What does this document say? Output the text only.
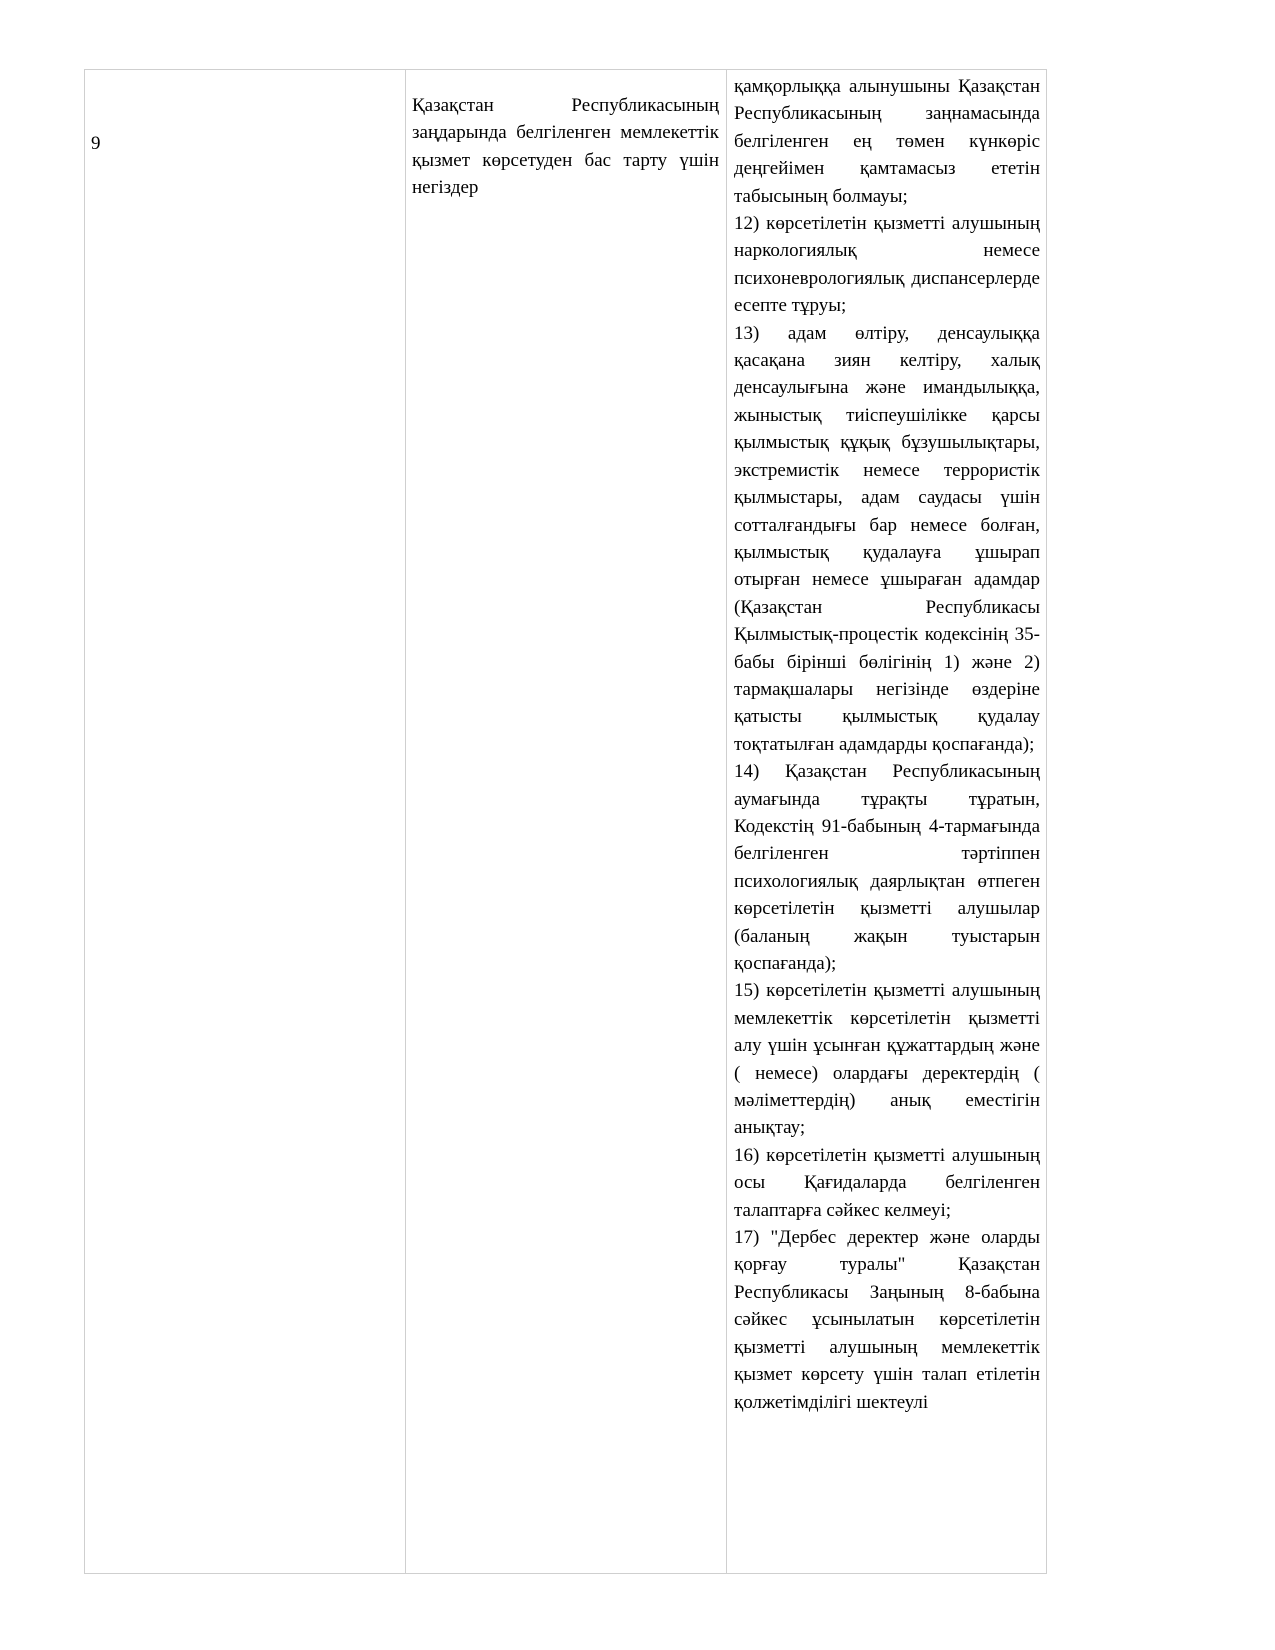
9

Қазақстан Республикасының заңдарында белгіленген мемлекеттік қызмет көрсетуден бас тарту үшін негіздер

қамқорлыққа алынушыны Қазақстан Республикасының заңнамасында белгіленген ең төмен күнкөріс деңгейімен қамтамасыз ететін табысының болмауы;

12) көрсетілетін қызметті алушының наркологиялық немесе психоневрологиялық диспансерлерде есепте тұруы;

13) адам өлтіру, денсаулыққа қасақана зиян келтіру, халық денсаулығына және имандылыққа, жыныстық тиіспеушілікке қарсы қылмыстық құқық бұзушылықтары, экстремистік немесе террористік қылмыстары, адам саудасы үшін сотталғандығы бар немесе болған, қылмыстық қудалауға ұшырап отырған немесе ұшыраған адамдар (Қазақстан Республикасы Қылмыстық-процестік кодексінің 35-бабы бірінші бөлігінің 1) және 2) тармақшалары негізінде өздеріне қатысты қылмыстық қудалау тоқтатылған адамдарды қоспағанда);

14) Қазақстан Республикасының аумағында тұрақты тұратын, Кодекстің 91-бабының 4-тармағында белгіленген тәртіппен психологиялық даярлықтан өтпеген көрсетілетін қызметті алушылар (баланың жақын туыстарын қоспағанда);

15) көрсетілетін қызметті алушының мемлекеттік көрсетілетін қызметті алу үшін ұсынған құжаттардың және ( немесе) олардағы деректердің ( мәліметтердің) анық еместігін анықтау;

16) көрсетілетін қызметті алушының осы Қағидаларда белгіленген талаптарға сәйкес келмеуі;

17) "Дербес деректер және оларды қорғау туралы" Қазақстан Республикасы Заңының 8-бабына сәйкес ұсынылатын көрсетілетін қызметті алушының мемлекеттік қызмет көрсету үшін талап етілетін қолжетімділігі шектеулі
